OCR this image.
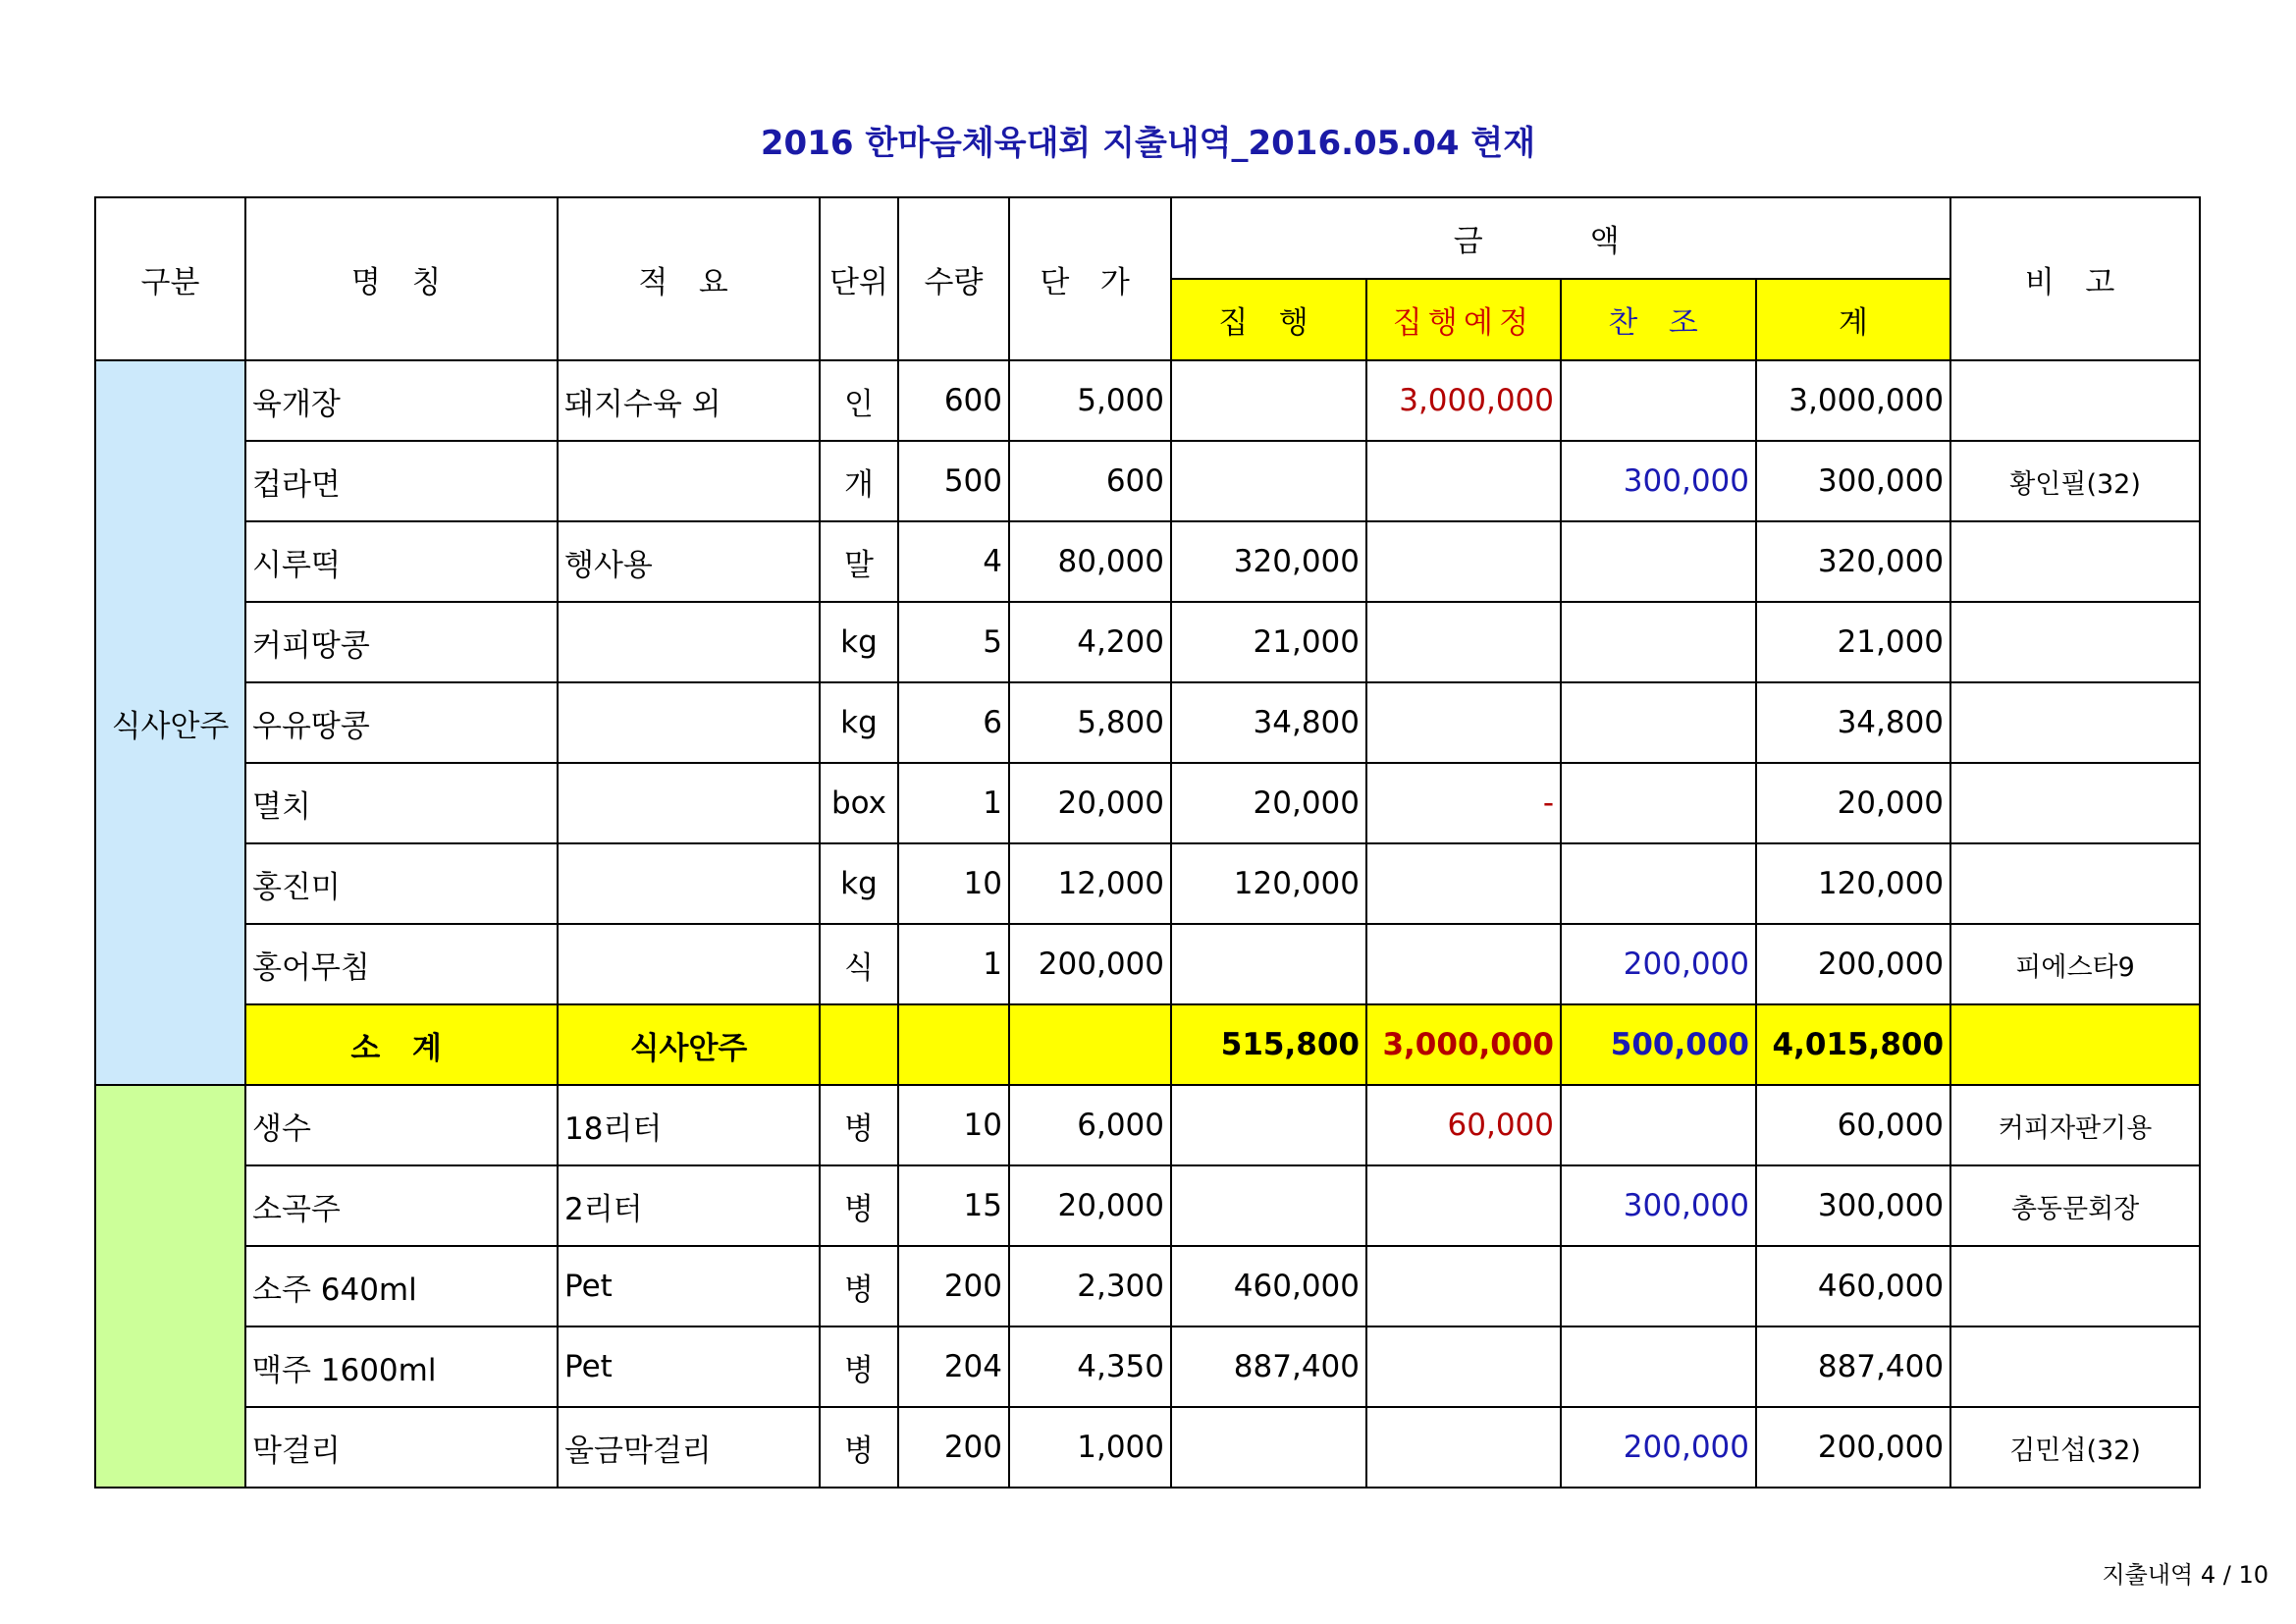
2016 한마음체육대회 지출내역_2016.05.04 현재
구분	명 칭	적 요	단위	수량	단 가	금 액				비 고
						집 행	집행예정	찬 조	계	
식사안주	육개장	돼지수육 외	인	600	5,000		3,000,000		3,000,000	
	컵라면		개	500	600			300,000	300,000	황인필(32)
	시루떡	행사용	말	4	80,000	320,000			320,000	
	커피땅콩		kg	5	4,200	21,000			21,000	
	우유땅콩		kg	6	5,800	34,800			34,800	
	멸치		box	1	20,000	20,000	-		20,000	
	홍진미		kg	10	12,000	120,000			120,000	
	홍어무침		식	1	200,000			200,000	200,000	피에스타9
	소 계	식사안주				515,800	3,000,000	500,000	4,015,800	
	생수	18리터	병	10	6,000		60,000		60,000	커피자판기용
	소곡주	2리터	병	15	20,000			300,000	300,000	총동문회장
	소주 640ml	Pet	병	200	2,300	460,000			460,000	
	맥주 1600ml	Pet	병	204	4,350	887,400			887,400	
	막걸리	울금막걸리	병	200	1,000			200,000	200,000	김민섭(32)
지출내역 4 / 10
